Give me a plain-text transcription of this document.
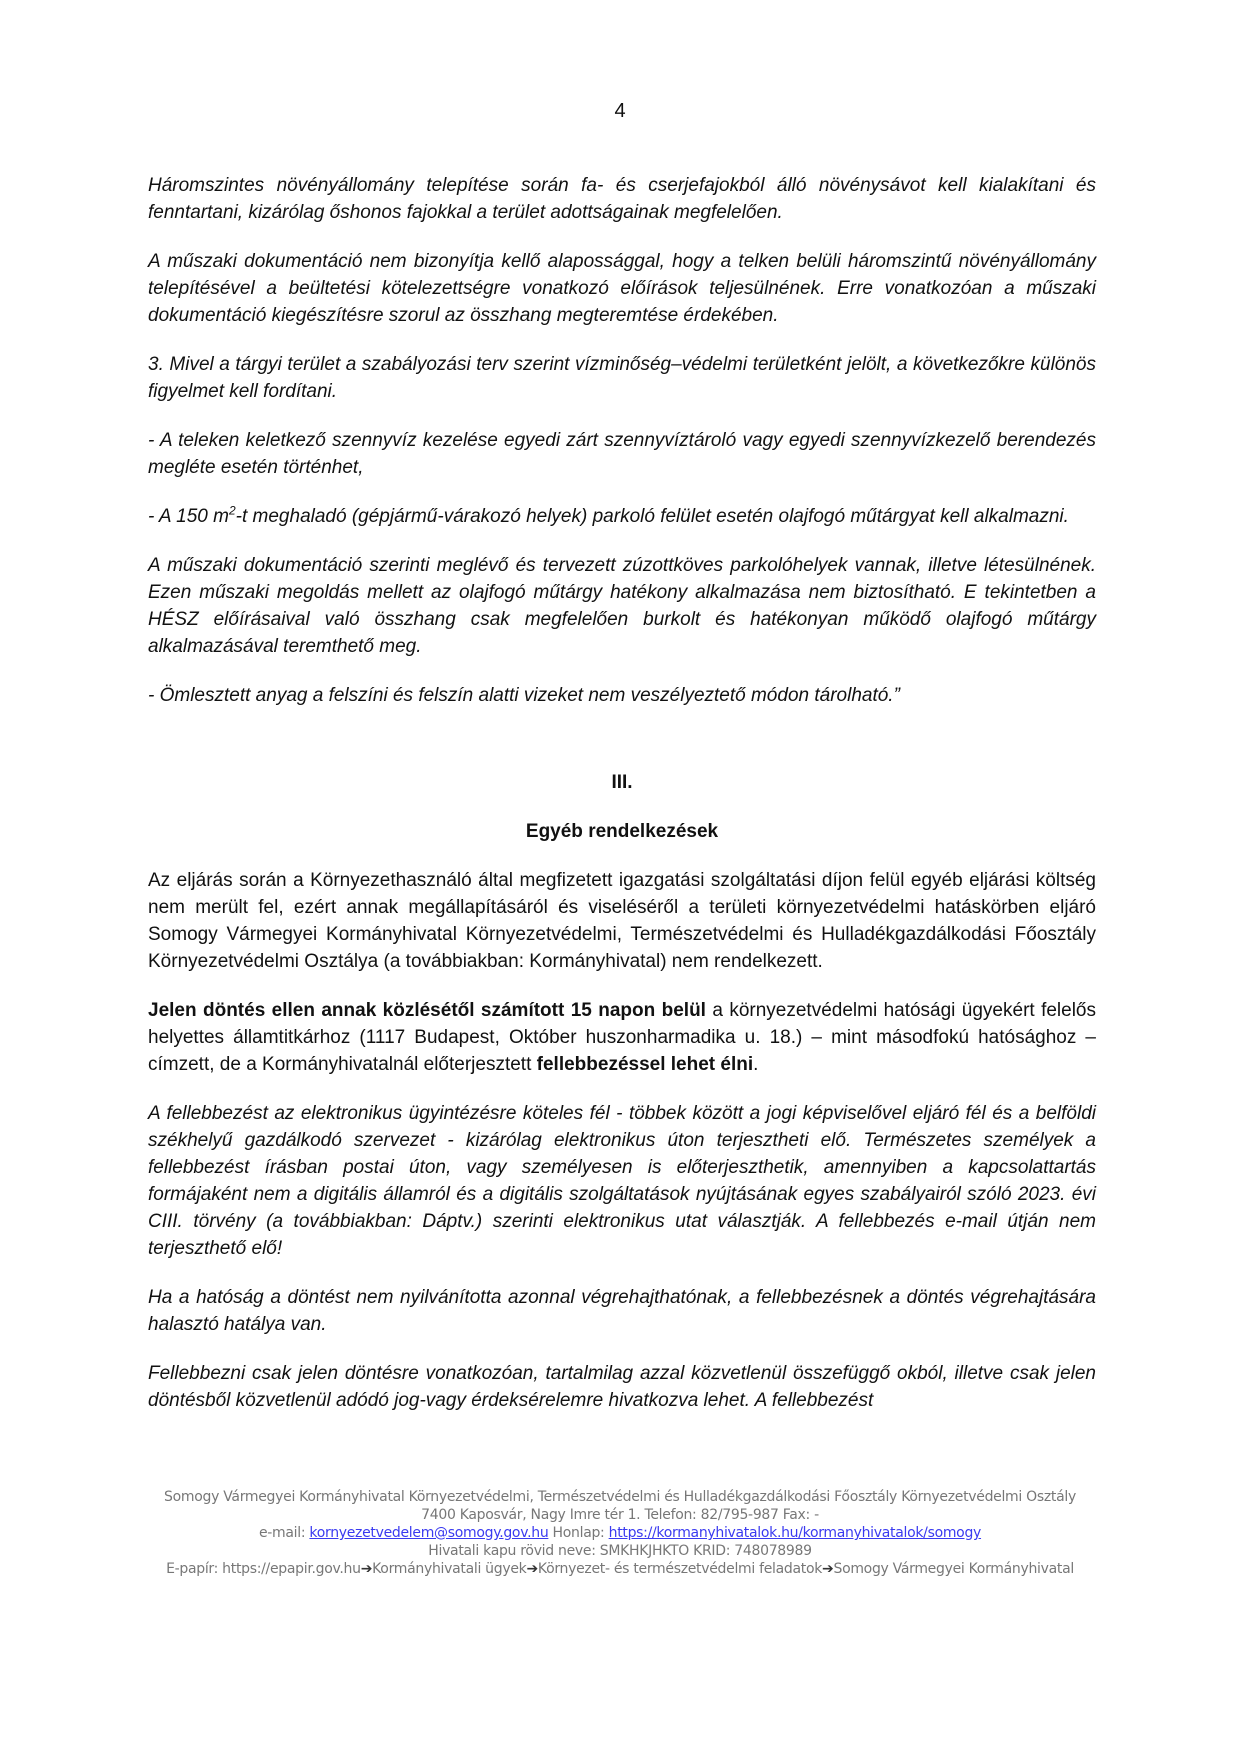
4

Háromszintes növényállomány telepítése során fa- és cserjefajokból álló növénysávot kell kialakítani és fenntartani, kizárólag őshonos fajokkal a terület adottságainak megfelelően.

A műszaki dokumentáció nem bizonyítja kellő alapossággal, hogy a telken belüli háromszintű növényállomány telepítésével a beültetési kötelezettségre vonatkozó előírások teljesülnének. Erre vonatkozóan a műszaki dokumentáció kiegészítésre szorul az összhang megteremtése érdekében.

3. Mivel a tárgyi terület a szabályozási terv szerint vízminőség–védelmi területként jelölt, a következőkre különös figyelmet kell fordítani.

- A teleken keletkező szennyvíz kezelése egyedi zárt szennyvíztároló vagy egyedi szennyvízkezelő berendezés megléte esetén történhet,

- A 150 $m^2-t$ meghaladó (gépjármű-várakozó helyek) parkoló felület esetén olajfogó műtárgyat kell alkalmazni.

A műszaki dokumentáció szerinti meglévő és tervezett zúzottköves parkolóhelyek vannak, illetve létesülnének. Ezen műszaki megoldás mellett az olajfogó műtárgy hatékony alkalmazása nem biztosítható. E tekintetben a HÉSZ előírásaival való összhang csak megfelelően burkolt és hatékonyan működő olajfogó műtárgy alkalmazásával teremthető meg.

- Ömlesztett anyag a felszíni és felszín alatti vizeket nem veszélyeztető módon tárolható.”

III.

Egyéb rendelkezések

Az eljárás során a Környezethasználó által megfizetett igazgatási szolgáltatási díjon felül egyéb eljárási költség nem merült fel, ezért annak megállapításáról és viseléséről a területi környezetvédelmi hatáskörben eljáró Somogy Vármegyei Kormányhivatal Környezetvédelmi, Természetvédelmi és Hulladékgazdálkodási Főosztály Környezetvédelmi Osztálya (a továbbiakban: Kormányhivatal) nem rendelkezett.

Jelen döntés ellen annak közlésétől számított 15 napon belül a környezetvédelmi hatósági ügyekért felelős helyettes államtitkárhoz (1117 Budapest, Október huszonharmadika u. 18.) – mint másodfokú hatósághoz – címzett, de a Kormányhivatalnál előterjesztett fellebbezéssel lehet élni.

A fellebbezést az elektronikus ügyintézésre köteles fél - többek között a jogi képviselővel eljáró fél és a belföldi székhelyű gazdálkodó szervezet - kizárólag elektronikus úton terjesztheti elő. Természetes személyek a fellebbezést írásban postai úton, vagy személyesen is előterjeszthetik, amennyiben a kapcsolattartás formájaként nem a digitális államról és a digitális szolgáltatások nyújtásának egyes szabályairól szóló 2023. évi CIII. törvény (a továbbiakban: Dáptv.) szerinti elektronikus utat választják. A fellebbezés e-mail útján nem terjeszthető elő!

Ha a hatóság a döntést nem nyilvánította azonnal végrehajthatónak, a fellebbezésnek a döntés végrehajtására halasztó hatálya van.

Fellebbezni csak jelen döntésre vonatkozóan, tartalmilag azzal közvetlenül összefüggő okból, illetve csak jelen döntésből közvetlenül adódó jog-vagy érdeksérelemre hivatkozva lehet. A fellebbezést

Somogy Vármegyei Kormányhivatal Környezetvédelmi, Természetvédelmi és Hulladékgazdálkodási Főosztály Környezetvédelmi Osztály
7400 Kaposvár, Nagy Imre tér 1. Telefon: 82/795-987 Fax: -
e-mail: kornyezetvedelem@somogy.gov.hu Honlap: https://kormanyhivatalok.hu/kormanyhivatalok/somogy
Hivatali kapu rövid neve: SMKHKJHKTO KRID: 748078989
E-papír: https://epapir.gov.hu➔Kormányhivatali ügyek➔Környezet- és természetvédelmi feladatok➔Somogy Vármegyei Kormányhivatal
